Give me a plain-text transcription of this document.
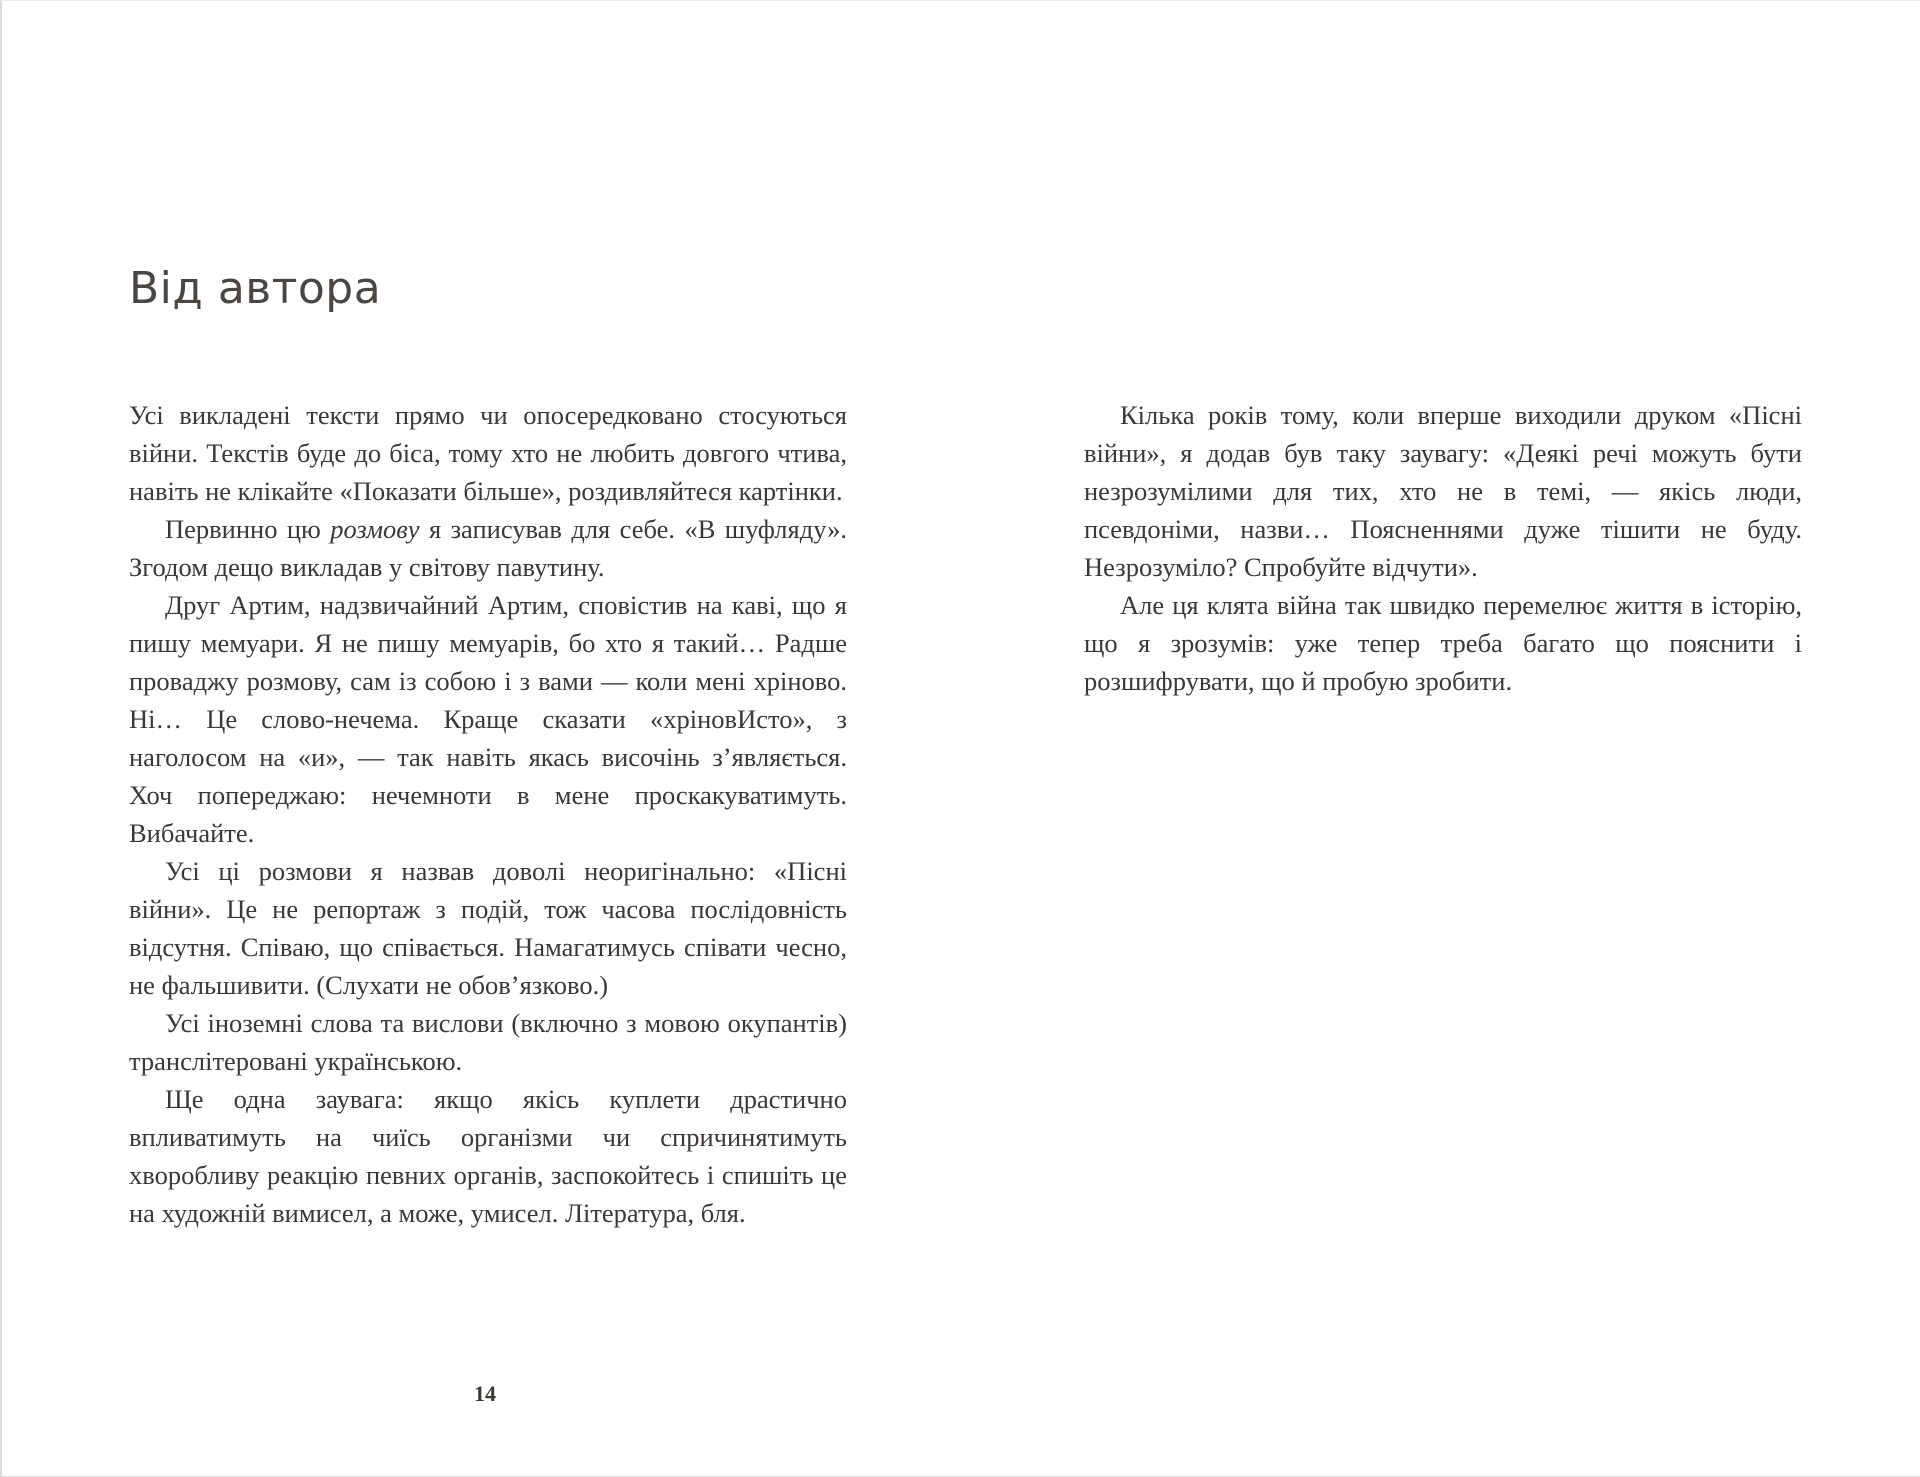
Від автора

Усі викладені тексти прямо чи опосередковано стосуються війни. Текстів буде до біса, тому хто не любить довгого чтива, навіть не клікайте «Показати більше», роздивляйтеся картінки.

Первинно цю розмову я записував для себе. «В шуфляду». Згодом дещо викладав у світову павутину.

Друг Артим, надзвичайний Артим, сповістив на каві, що я пишу мемуари. Я не пишу мемуарів, бо хто я такий… Радше проваджу розмову, сам із собою і з вами — коли мені хріново. Ні… Це слово-нечема. Краще сказати «хріновИсто», з наголосом на «и», — так навіть якась височінь з’являється. Хоч попереджаю: нечемноти в мене проскакуватимуть. Вибачайте.

Усі ці розмови я назвав доволі неоригінально: «Пісні війни». Це не репортаж з подій, тож часова послідовність відсутня. Співаю, що співається. Намагатимусь співати чесно, не фальшивити. (Слухати не обов’язково.)

Усі іноземні слова та вислови (включно з мовою окупантів) транслітеровані українською.

Ще одна заувага: якщо якісь куплети драстично впливатимуть на чиїсь організми чи спричинятимуть хворобливу реакцію певних органів, заспокойтесь і спишіть це на художній вимисел, а може, умисел. Література, бля.

Кілька років тому, коли вперше виходили друком «Пісні війни», я додав був таку заувагу: «Деякі речі можуть бути незрозумілими для тих, хто не в темі, — якісь люди, псевдоніми, назви… Поясненнями дуже тішити не буду. Незрозуміло? Спробуйте відчути».

Але ця клята війна так швидко перемелює життя в історію, що я зрозумів: уже тепер треба багато що пояснити і розшифрувати, що й пробую зробити.

14
